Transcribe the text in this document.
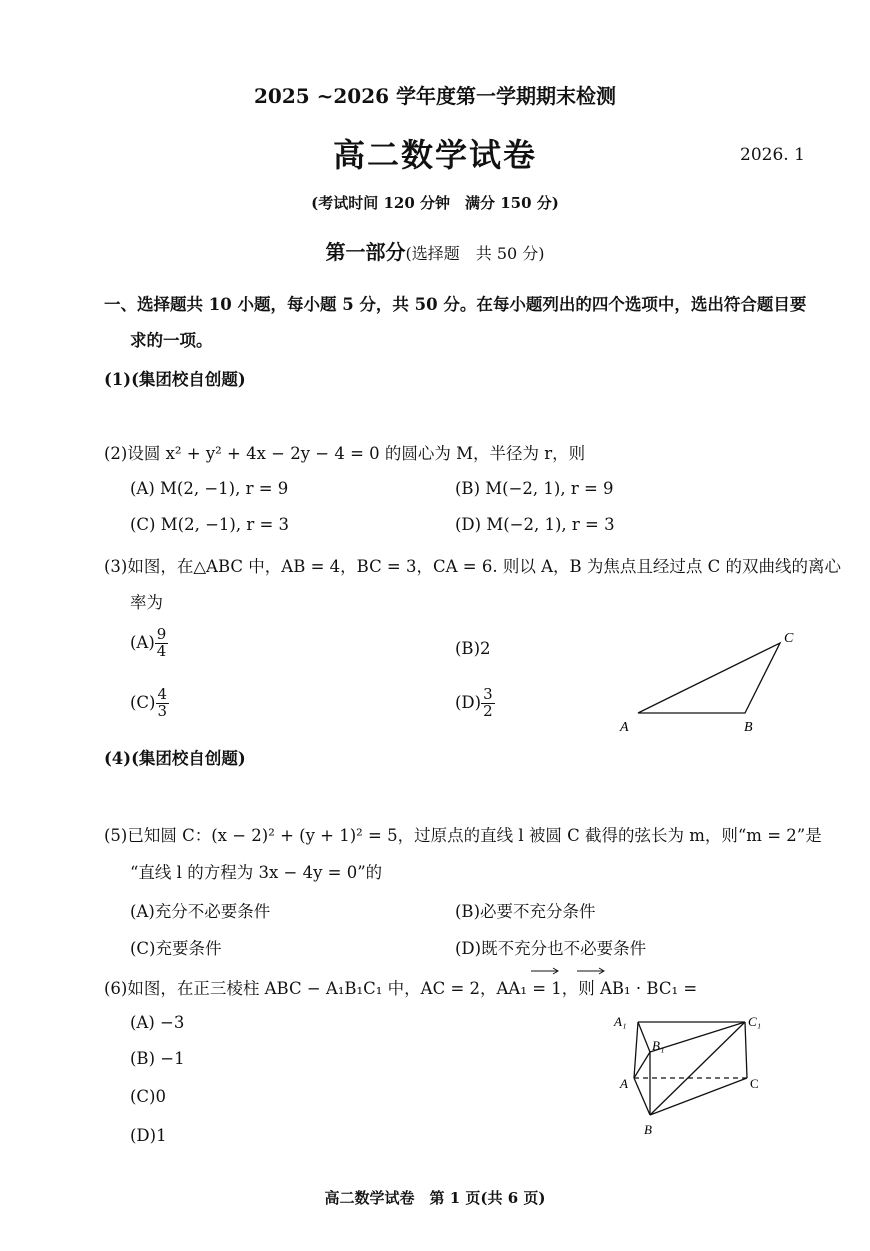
2025 ~2026 学年度第一学期期末检测
高二数学试卷	2026. 1
(考试时间 120 分钟　满分 150 分)
第一部分(选择题　共 50 分)
一、选择题共 10 小题，每小题 5 分，共 50 分。在每小题列出的四个选项中，选出符合题目要
求的一项。
(1)(集团校自创题)
(2)设圆 x² + y² + 4x − 2y − 4 = 0 的圆心为 M，半径为 r，则
(A) M(2, −1), r = 9	(B) M(−2, 1), r = 9
(C) M(2, −1), r = 3	(D) M(−2, 1), r = 3
(3)如图，在△ABC 中，AB = 4，BC = 3，CA = 6. 则以 A，B 为焦点且经过点 C 的双曲线的离心
率为
$(A) \frac{9}{4}$	(B)2
$(C) \frac{4}{3}$	$(D) \frac{3}{2}$
A	B
C
(4)(集团校自创题)
(5)已知圆 C：(x − 2)² + (y + 1)² = 5，过原点的直线 l 被圆 C 截得的弦长为 m，则“m = 2”是
“直线 l 的方程为 3x − 4y = 0”的
(A)充分不必要条件	(B)必要不充分条件
(C)充要条件	(D)既不充分也不必要条件
(6)如图，在正三棱柱 ABC − A₁B₁C₁ 中，AC = 2，AA₁ = 1，则 AB₁ · BC₁ =
(A) −3
(B) −1
(C)0
(D)1
A₁
B₁
C₁
A	C
B
高二数学试卷　第 1 页(共 6 页)
